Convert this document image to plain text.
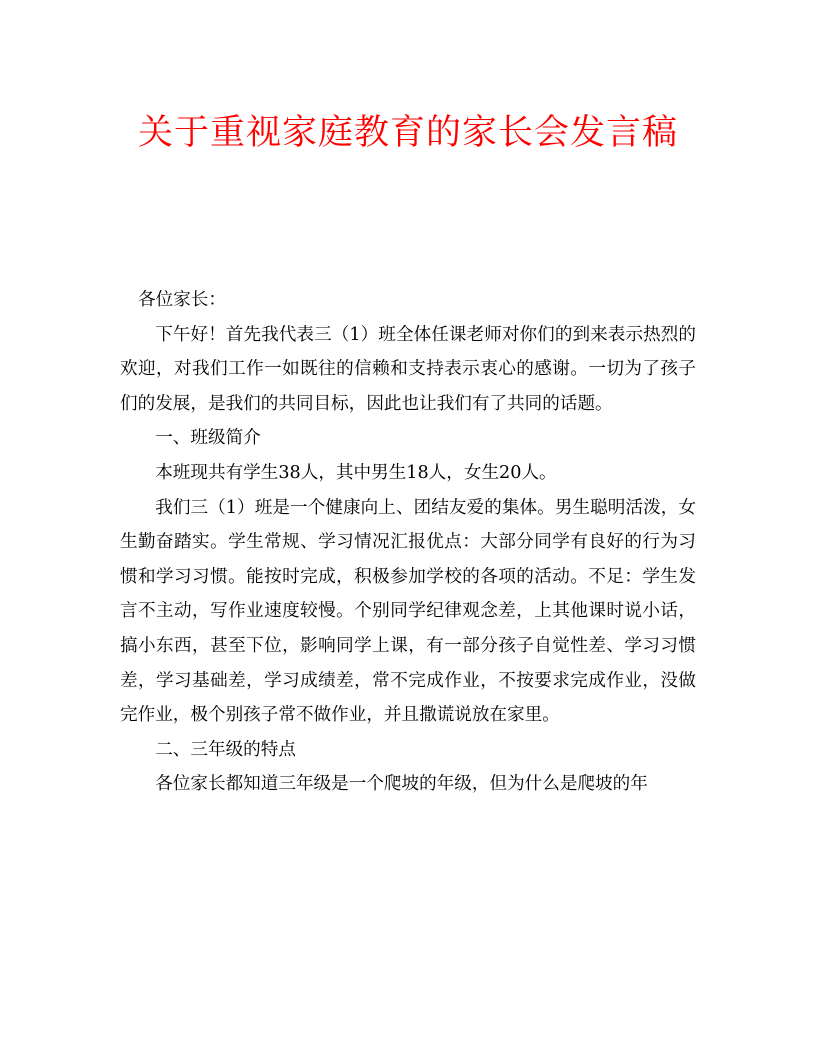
关于重视家庭教育的家长会发言稿

各位家长：

下午好！首先我代表三（1）班全体任课老师对你们的到来表示热烈的欢迎，对我们工作一如既往的信赖和支持表示衷心的感谢。一切为了孩子们的发展，是我们的共同目标，因此也让我们有了共同的话题。

一、班级简介

本班现共有学生38人，其中男生18人，女生20人。

我们三（1）班是一个健康向上、团结友爱的集体。男生聪明活泼，女生勤奋踏实。学生常规、学习情况汇报优点：大部分同学有良好的行为习惯和学习习惯。能按时完成，积极参加学校的各项的活动。不足：学生发言不主动，写作业速度较慢。个别同学纪律观念差，上其他课时说小话，搞小东西，甚至下位，影响同学上课，有一部分孩子自觉性差、学习习惯差，学习基础差，学习成绩差，常不完成作业，不按要求完成作业，没做完作业，极个别孩子常不做作业，并且撒谎说放在家里。

二、三年级的特点

各位家长都知道三年级是一个爬坡的年级，但为什么是爬坡的年
